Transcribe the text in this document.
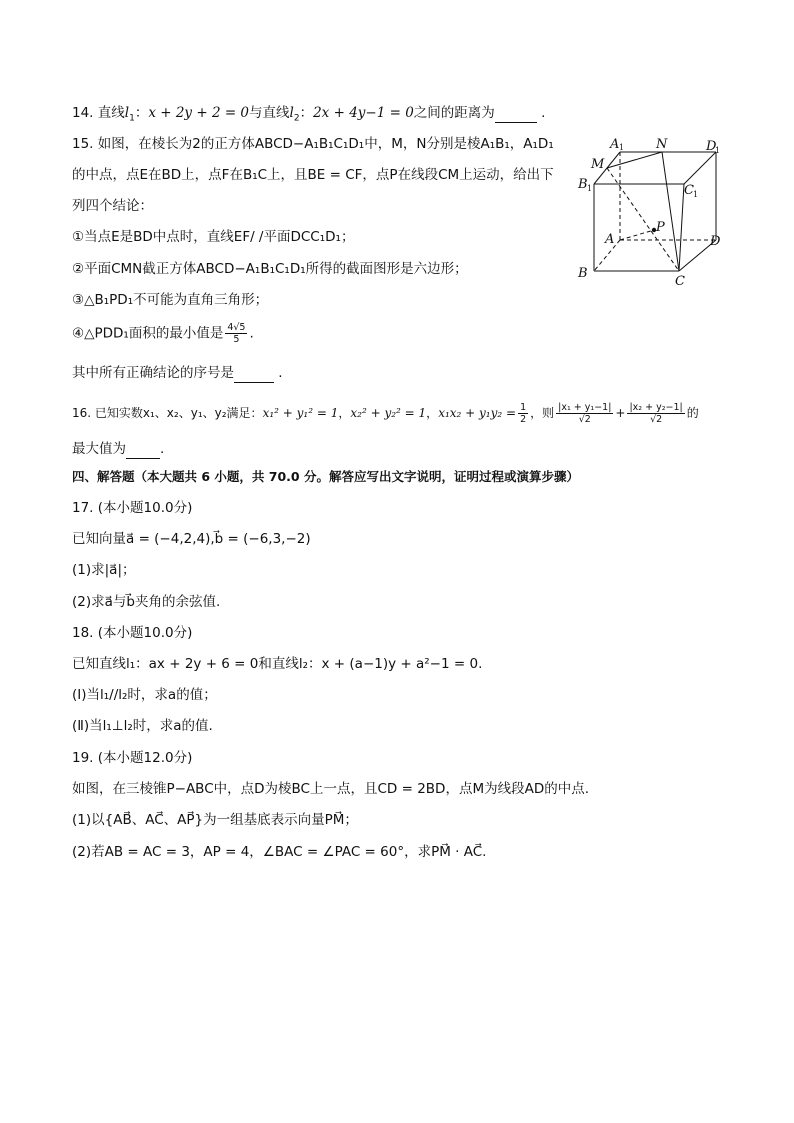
14. 直线$l_1$：x + 2y + 2 = 0与直线$l_2$：2x + 4y−1 = 0之间的距离为	.
15. 如图，在棱长为2的正方体ABCD−A₁B₁C₁D₁中，M，N分别是棱A₁B₁，A₁D₁
的中点，点E在BD上，点F在B₁C上，且BE = CF，点P在线段CM上运动，给出下
列四个结论：
①当点E是BD中点时，直线EF/ /平面DCC₁D₁；
②平面CMN截正方体ABCD−A₁B₁C₁D₁所得的截面图形是六边形；
③△B₁PD₁不可能为直角三角形；
④△PDD₁面积的最小值是 $\frac{4√5}{5}$ .
其中所有正确结论的序号是	.
A 1 N	D
1
M
B 1	C 1
A
P
D
B
C
16. 已知实数x₁、x₂、y₁、y₂满足：x₁² + y₁² = 1，x₂² + y₂² = 1，$x_1x_2 + y_1y_2 = \frac{1}{2}$ ，则 $\frac{\text{|x₁ + y₁−1|}}{√2} + \frac{\text{|x₂ + y₂−1|}}{√2}$ 的
最大值为	.
四、解答题（本大题共 6 小题，共 70.0 分。解答应写出文字说明，证明过程或演算步骤）
17. (本小题10.0分)
已知向量a⃗ = (−4,2,4),b⃗ = (−6,3,−2)
(1)求|a⃗|；
(2)求a⃗与b⃗夹角的余弦值.
18. (本小题10.0分)
已知直线l₁：ax + 2y + 6 = 0和直线l₂：x + (a−1)y + a²−1 = 0.
(Ⅰ)当l₁//l₂时，求a的值；
(Ⅱ)当l₁⊥l₂时，求a的值.
19. (本小题12.0分)
如图，在三棱锥P−ABC中，点D为棱BC上一点，且CD = 2BD，点M为线段AD的中点.
(1)以{AB⃗、AC⃗、AP⃗}为一组基底表示向量PM⃗；
(2)若AB = AC = 3，AP = 4，∠BAC = ∠PAC = 60°，求PM⃗ · AC⃗.
